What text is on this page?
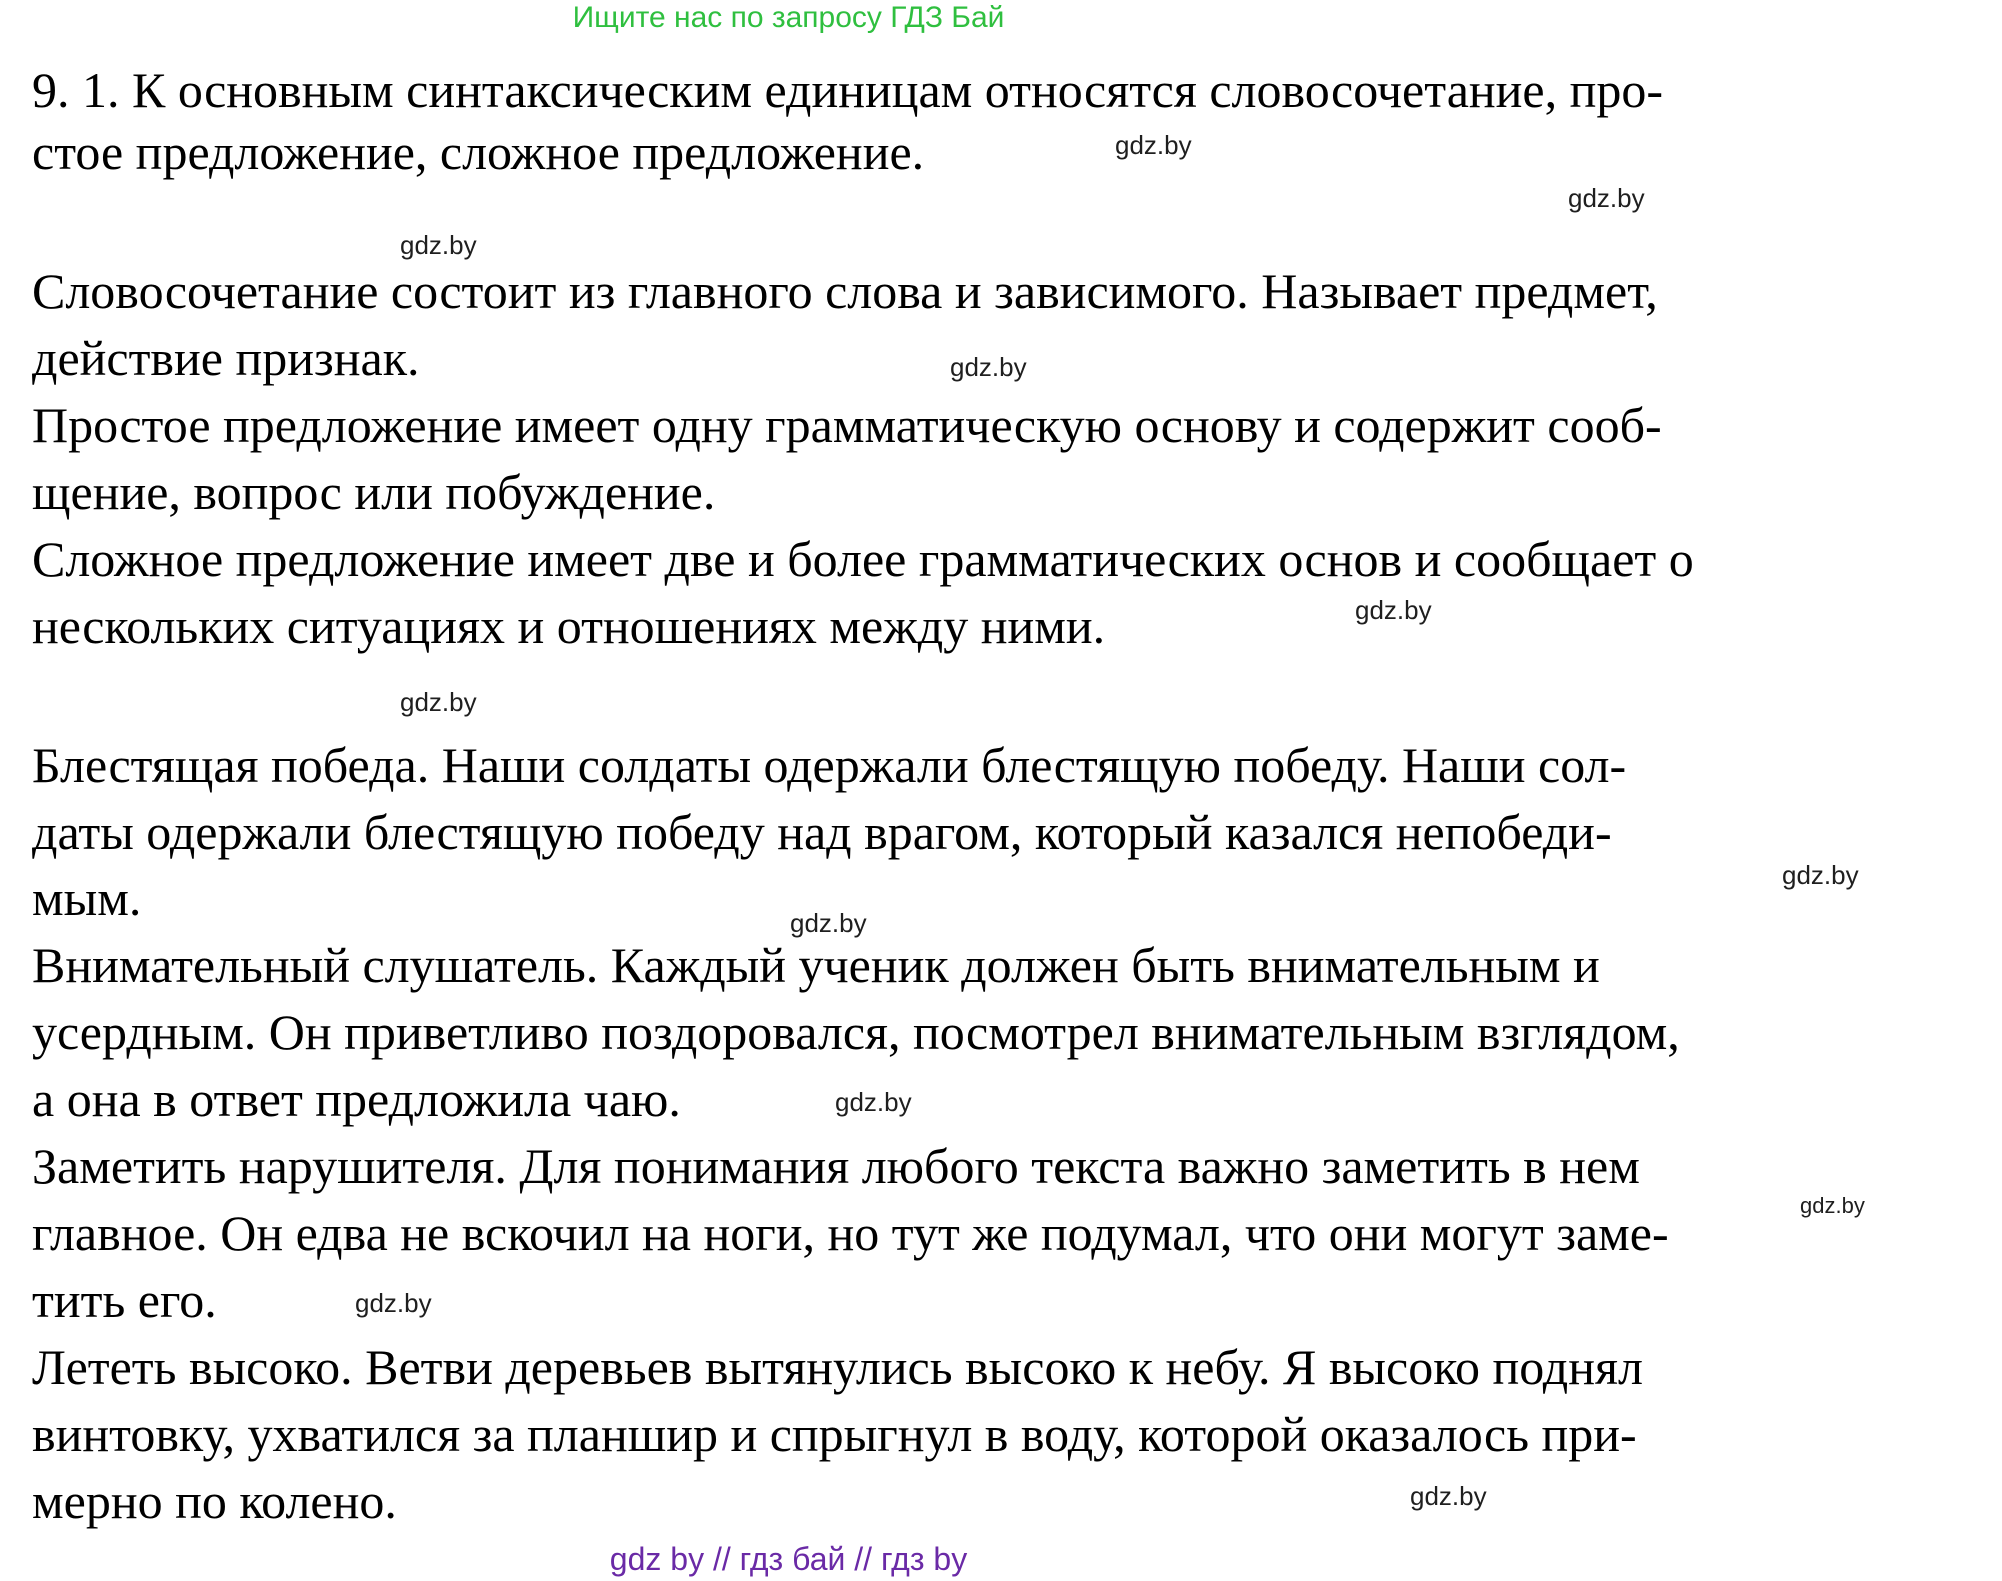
Ищите нас по запросу ГДЗ Бай
9. 1. К основным синтаксическим единицам относятся словосочетание, про-
стое предложение, сложное предложение.
Словосочетание состоит из главного слова и зависимого. Называет предмет,
действие признак.
Простое предложение имеет одну грамматическую основу и содержит сооб-
щение, вопрос или побуждение.
Сложное предложение имеет две и более грамматических основ и сообщает о
нескольких ситуациях и отношениях между ними.
Блестящая победа. Наши солдаты одержали блестящую победу. Наши сол-
даты одержали блестящую победу над врагом, который казался непобеди-
мым.
Внимательный слушатель. Каждый ученик должен быть внимательным и
усердным. Он приветливо поздоровался, посмотрел внимательным взглядом,
а она в ответ предложила чаю.
Заметить нарушителя. Для понимания любого текста важно заметить в нем
главное. Он едва не вскочил на ноги, но тут же подумал, что они могут заме-
тить его.
Лететь высоко. Ветви деревьев вытянулись высоко к небу. Я высоко поднял
винтовку, ухватился за планшир и спрыгнул в воду, которой оказалось при-
мерно по колено.
gdz.by
gdz.by
gdz.by
gdz.by
gdz.by
gdz.by
gdz.by
gdz.by
gdz.by
gdz.by
gdz.by
gdz.by
gdz by // гдз бай // гдз by
